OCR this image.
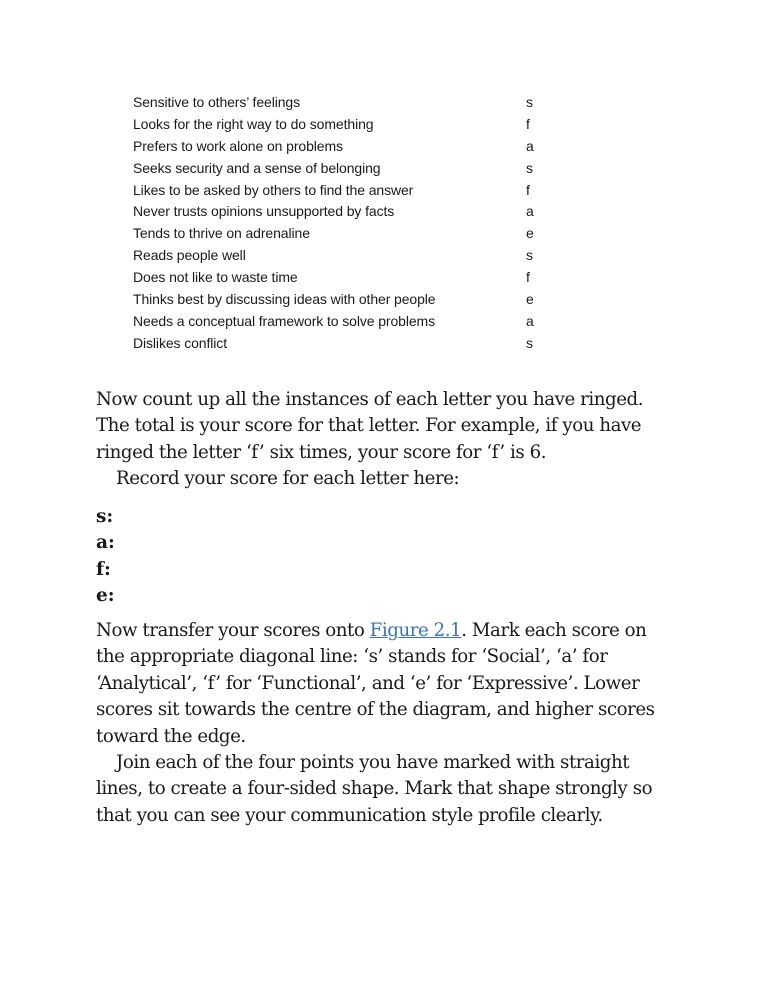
Sensitive to others’ feelings	s
Looks for the right way to do something	f
Prefers to work alone on problems	a
Seeks security and a sense of belonging	s
Likes to be asked by others to find the answer	f
Never trusts opinions unsupported by facts	a
Tends to thrive on adrenaline	e
Reads people well	s
Does not like to waste time	f
Thinks best by discussing ideas with other people	e
Needs a conceptual framework to solve problems	a
Dislikes conflict	s

Now count up all the instances of each letter you have ringed. The total is your score for that letter. For example, if you have ringed the letter ‘f’ six times, your score for ‘f’ is 6.

Record your score for each letter here:

s:
a:
f:
e:

Now transfer your scores onto Figure 2.1. Mark each score on the appropriate diagonal line: ‘s’ stands for ‘Social’, ‘a’ for ‘Analytical’, ‘f’ for ‘Functional’, and ‘e’ for ‘Expressive’. Lower scores sit towards the centre of the diagram, and higher scores toward the edge.

Join each of the four points you have marked with straight lines, to create a four-sided shape. Mark that shape strongly so that you can see your communication style profile clearly.
